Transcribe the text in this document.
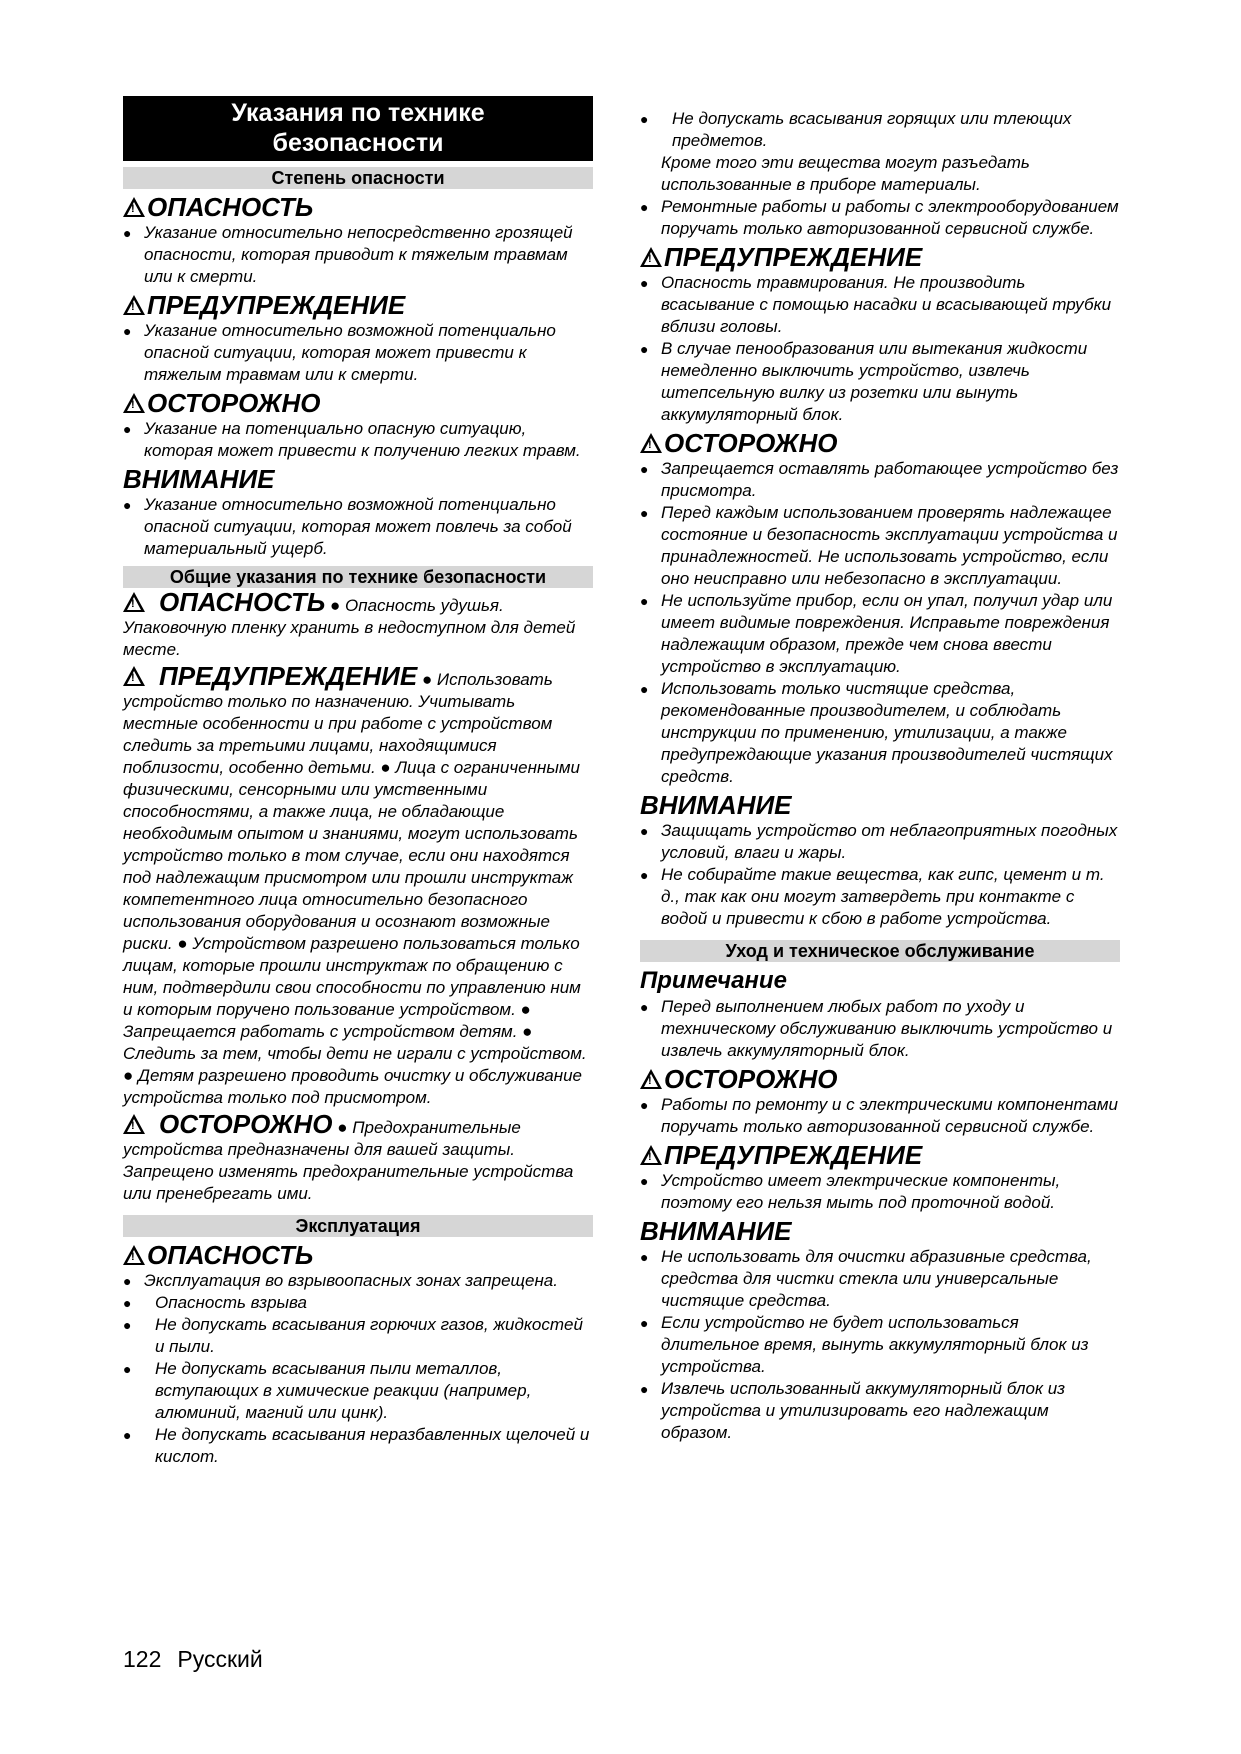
Указания по технике
безопасности
Степень опасности
!ОПАСНОСТЬ
● Указание относительно непосредственно грозящей опасности, которая приводит к тяжелым травмам или к смерти.
!ПРЕДУПРЕЖДЕНИЕ
● Указание относительно возможной потенциально опасной ситуации, которая может привести к тяжелым травмам или к смерти.
!ОСТОРОЖНО
● Указание на потенциально опасную ситуацию, которая может привести к получению легких травм.
ВНИМАНИЕ
● Указание относительно возможной потенциально опасной ситуации, которая может повлечь за собой материальный ущерб.
Общие указания по технике безопасности

!ОПАСНОСТЬ ● Опасность удушья. Упаковочную пленку хранить в недоступном для детей месте.

!ПРЕДУПРЕЖДЕНИЕ ● Использовать устройство только по назначению. Учитывать местные особенности и при работе с устройством следить за третьими лицами, находящимися поблизости, особенно детьми. ● Лица с ограниченными физическими, сенсорными или умственными способностями, а также лица, не обладающие необходимым опытом и знаниями, могут использовать устройство только в том случае, если они находятся под надлежащим присмотром или прошли инструктаж компетентного лица относительно безопасного использования оборудования и осознают возможные риски. ● Устройством разрешено пользоваться только лицам, которые прошли инструктаж по обращению с ним, подтвердили свои способности по управлению ним и которым поручено пользование устройством. ● Запрещается работать с устройством детям. ● Следить за тем, чтобы дети не играли с устройством. ● Детям разрешено проводить очистку и обслуживание устройства только под присмотром.

!ОСТОРОЖНО ● Предохранительные устройства предназначены для вашей защиты. Запрещено изменять предохранительные устройства или пренебрегать ими.

Эксплуатация
!ОПАСНОСТЬ
● Эксплуатация во взрывоопасных зонах запрещена.
● Опасность взрыва
● Не допускать всасывания горючих газов, жидкостей и пыли.
● Не допускать всасывания пыли металлов, вступающих в химические реакции (например, алюминий, магний или цинк).
● Не допускать всасывания неразбавленных щелочей и кислот.
● Не допускать всасывания горящих или тлеющих предметов.
Кроме того эти вещества могут разъедать использованные в приборе материалы.
● Ремонтные работы и работы с электрооборудованием поручать только авторизованной сервисной службе.
!ПРЕДУПРЕЖДЕНИЕ
● Опасность травмирования. Не производить всасывание с помощью насадки и всасывающей трубки вблизи головы.
● В случае пенообразования или вытекания жидкости немедленно выключить устройство, извлечь штепсельную вилку из розетки или вынуть аккумуляторный блок.
!ОСТОРОЖНО
● Запрещается оставлять работающее устройство без присмотра.
● Перед каждым использованием проверять надлежащее состояние и безопасность эксплуатации устройства и принадлежностей. Не использовать устройство, если оно неисправно или небезопасно в эксплуатации.
● Не используйте прибор, если он упал, получил удар или имеет видимые повреждения. Исправьте повреждения надлежащим образом, прежде чем снова ввести устройство в эксплуатацию.
● Использовать только чистящие средства, рекомендованные производителем, и соблюдать инструкции по применению, утилизации, а также предупреждающие указания производителей чистящих средств.
ВНИМАНИЕ
● Защищать устройство от неблагоприятных погодных условий, влаги и жары.
● Не собирайте такие вещества, как гипс, цемент и т. д., так как они могут затвердеть при контакте с водой и привести к сбою в работе устройства.
Уход и техническое обслуживание
Примечание
● Перед выполнением любых работ по уходу и техническому обслуживанию выключить устройство и извлечь аккумуляторный блок.
!ОСТОРОЖНО
● Работы по ремонту и с электрическими компонентами поручать только авторизованной сервисной службе.
!ПРЕДУПРЕЖДЕНИЕ
● Устройство имеет электрические компоненты, поэтому его нельзя мыть под проточной водой.
ВНИМАНИЕ
● Не использовать для очистки абразивные средства, средства для чистки стекла или универсальные чистящие средства.
● Если устройство не будет использоваться длительное время, вынуть аккумуляторный блок из устройства.
● Извлечь использованный аккумуляторный блок из устройства и утилизировать его надлежащим образом.
122 Русский
